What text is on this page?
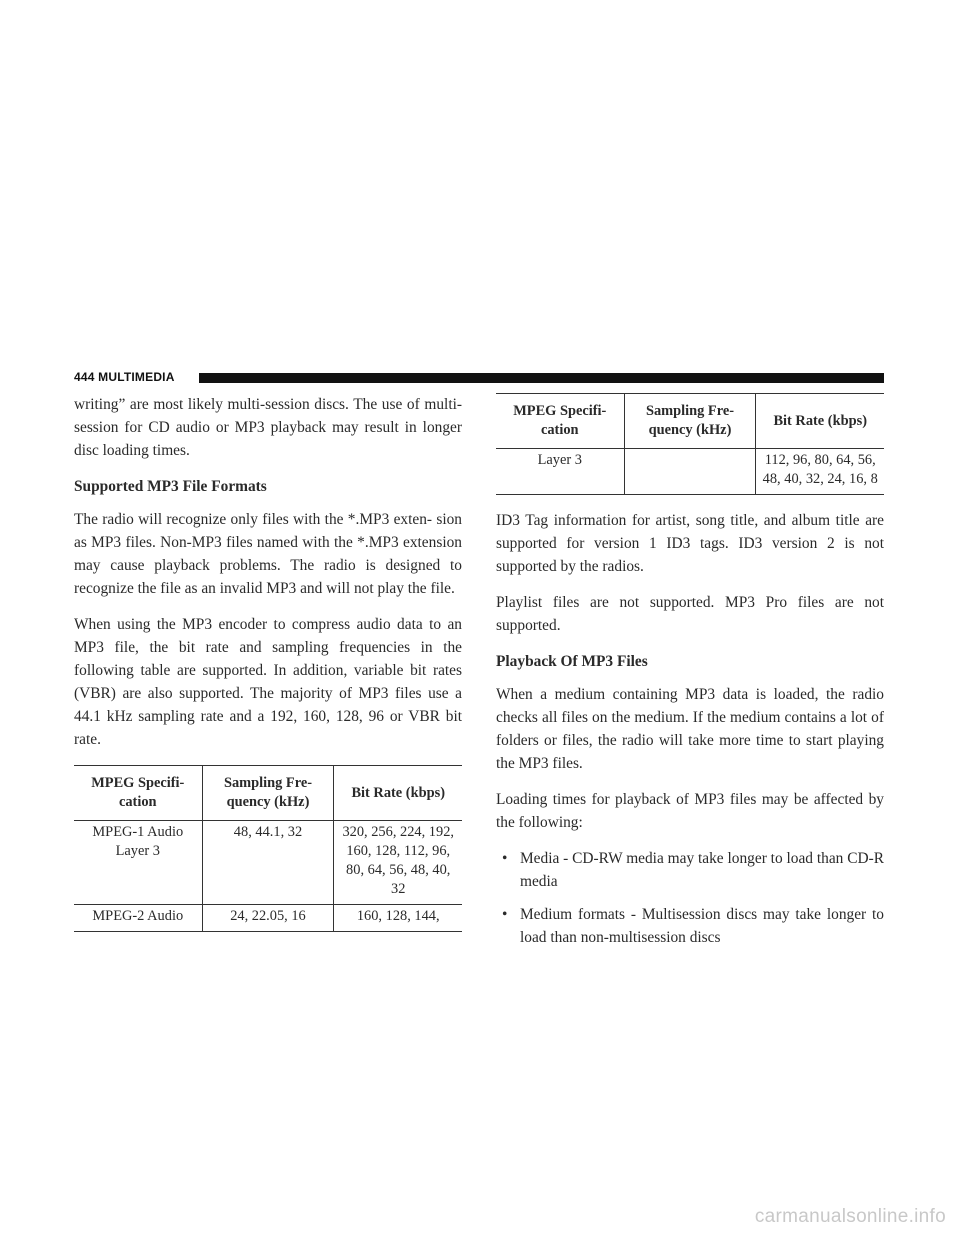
444 MULTIMEDIA

writing” are most likely multi-session discs. The use of multi-session for CD audio or MP3 playback may result in longer disc loading times.

Supported MP3 File Formats

The radio will recognize only files with the *.MP3 exten- sion as MP3 files. Non-MP3 files named with the *.MP3 extension may cause playback problems. The radio is designed to recognize the file as an invalid MP3 and will not play the file.

When using the MP3 encoder to compress audio data to an MP3 file, the bit rate and sampling frequencies in the following table are supported. In addition, variable bit rates (VBR) are also supported. The majority of MP3 files use a 44.1 kHz sampling rate and a 192, 160, 128, 96 or VBR bit rate.

MPEG Specifi- cation	Sampling Fre- quency (kHz)	Bit Rate (kbps)
MPEG-1 Audio Layer 3	48, 44.1, 32	320, 256, 224, 192, 160, 128, 112, 96, 80, 64, 56, 48, 40, 32
MPEG-2 Audio	24, 22.05, 16	160, 128, 144,
MPEG Specifi- cation	Sampling Fre- quency (kHz)	Bit Rate (kbps)
Layer 3		112, 96, 80, 64, 56, 48, 40, 32, 24, 16, 8

ID3 Tag information for artist, song title, and album title are supported for version 1 ID3 tags. ID3 version 2 is not supported by the radios.

Playlist files are not supported. MP3 Pro files are not supported.

Playback Of MP3 Files

When a medium containing MP3 data is loaded, the radio checks all files on the medium. If the medium contains a lot of folders or files, the radio will take more time to start playing the MP3 files.

Loading times for playback of MP3 files may be affected by the following:

• Media - CD-RW media may take longer to load than CD-R media
• Medium formats - Multisession discs may take longer to load than non-multisession discs
carmanualsonline.info
